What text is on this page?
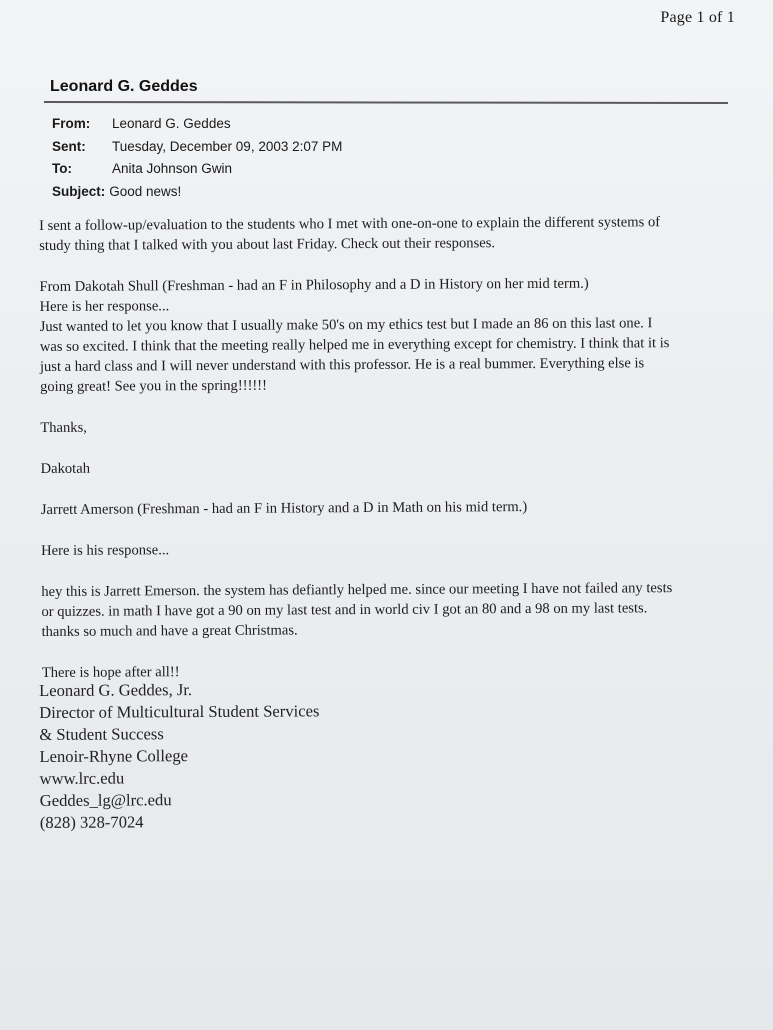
Page 1 of 1
Leonard G. Geddes
From: Leonard G. Geddes
Sent: Tuesday, December 09, 2003 2:07 PM
To:	Anita Johnson Gwin
Subject: Good news!
I sent a follow-up/evaluation to the students who I met with one-on-one to explain the different systems of
study thing that I talked with you about last Friday. Check out their responses.
From Dakotah Shull (Freshman - had an F in Philosophy and a D in History on her mid term.)
Here is her response...
Just wanted to let you know that I usually make 50's on my ethics test but I made an 86 on this last one. I
was so excited. I think that the meeting really helped me in everything except for chemistry. I think that it is
just a hard class and I will never understand with this professor. He is a real bummer. Everything else is
going great! See you in the spring!!!!!!
Thanks,
Dakotah
Jarrett Amerson (Freshman - had an F in History and a D in Math on his mid term.)
Here is his response...
hey this is Jarrett Emerson. the system has defiantly helped me. since our meeting I have not failed any tests
or quizzes. in math I have got a 90 on my last test and in world civ I got an 80 and a 98 on my last tests.
thanks so much and have a great Christmas.
There is hope after all!!
Leonard G. Geddes, Jr.
Director of Multicultural Student Services
& Student Success
Lenoir-Rhyne College
www.lrc.edu
Geddes_lg@lrc.edu
(828) 328-7024
